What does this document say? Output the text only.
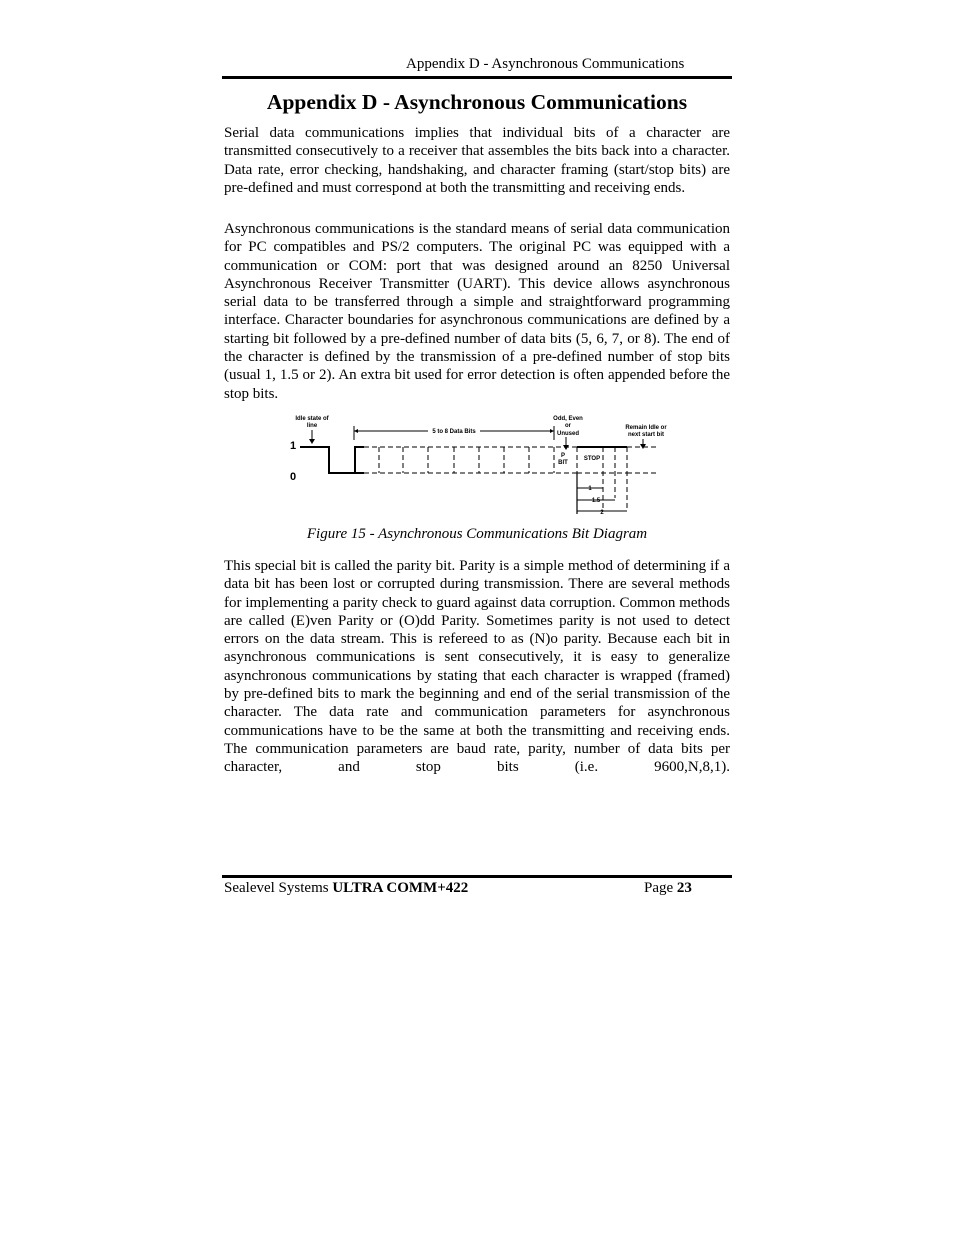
Appendix D - Asynchronous Communications
Appendix D - Asynchronous Communications

Serial data communications implies that individual bits of a character are transmitted consecutively to a receiver that assembles the bits back into a character. Data rate, error checking, handshaking, and character framing (start/stop bits) are pre-defined and must correspond at both the transmitting and receiving ends.

Asynchronous communications is the standard means of serial data communication for PC compatibles and PS/2 computers. The original PC was equipped with a communication or COM: port that was designed around an 8250 Universal Asynchronous Receiver Transmitter (UART). This device allows asynchronous serial data to be transferred through a simple and straightforward programming interface. Character boundaries for asynchronous communications are defined by a starting bit followed by a pre-defined number of data bits (5, 6, 7, or 8). The end of the character is defined by the transmission of a pre-defined number of stop bits (usual 1, 1.5 or 2). An extra bit used for error detection is often appended before the stop bits.

Idle state of
line
5 to 8 Data Bits
Odd, Even
or
Unused
Remain Idle or
next start bit
1
0
P
BIT
STOP
1
1.5
2
Figure 15 - Asynchronous Communications Bit Diagram

This special bit is called the parity bit. Parity is a simple method of determining if a data bit has been lost or corrupted during transmission. There are several methods for implementing a parity check to guard against data corruption. Common methods are called (E)ven Parity or (O)dd Parity. Sometimes parity is not used to detect errors on the data stream. This is refereed to as (N)o parity. Because each bit in asynchronous communications is sent consecutively, it is easy to generalize asynchronous communications by stating that each character is wrapped (framed) by pre-defined bits to mark the beginning and end of the serial transmission of the character. The data rate and communication parameters for asynchronous communications have to be the same at both the transmitting and receiving ends. The communication parameters are baud rate, parity, number of data bits per character, and stop bits (i.e. 9600,N,8,1).

Sealevel Systems ULTRA COMM+422	Page 23
